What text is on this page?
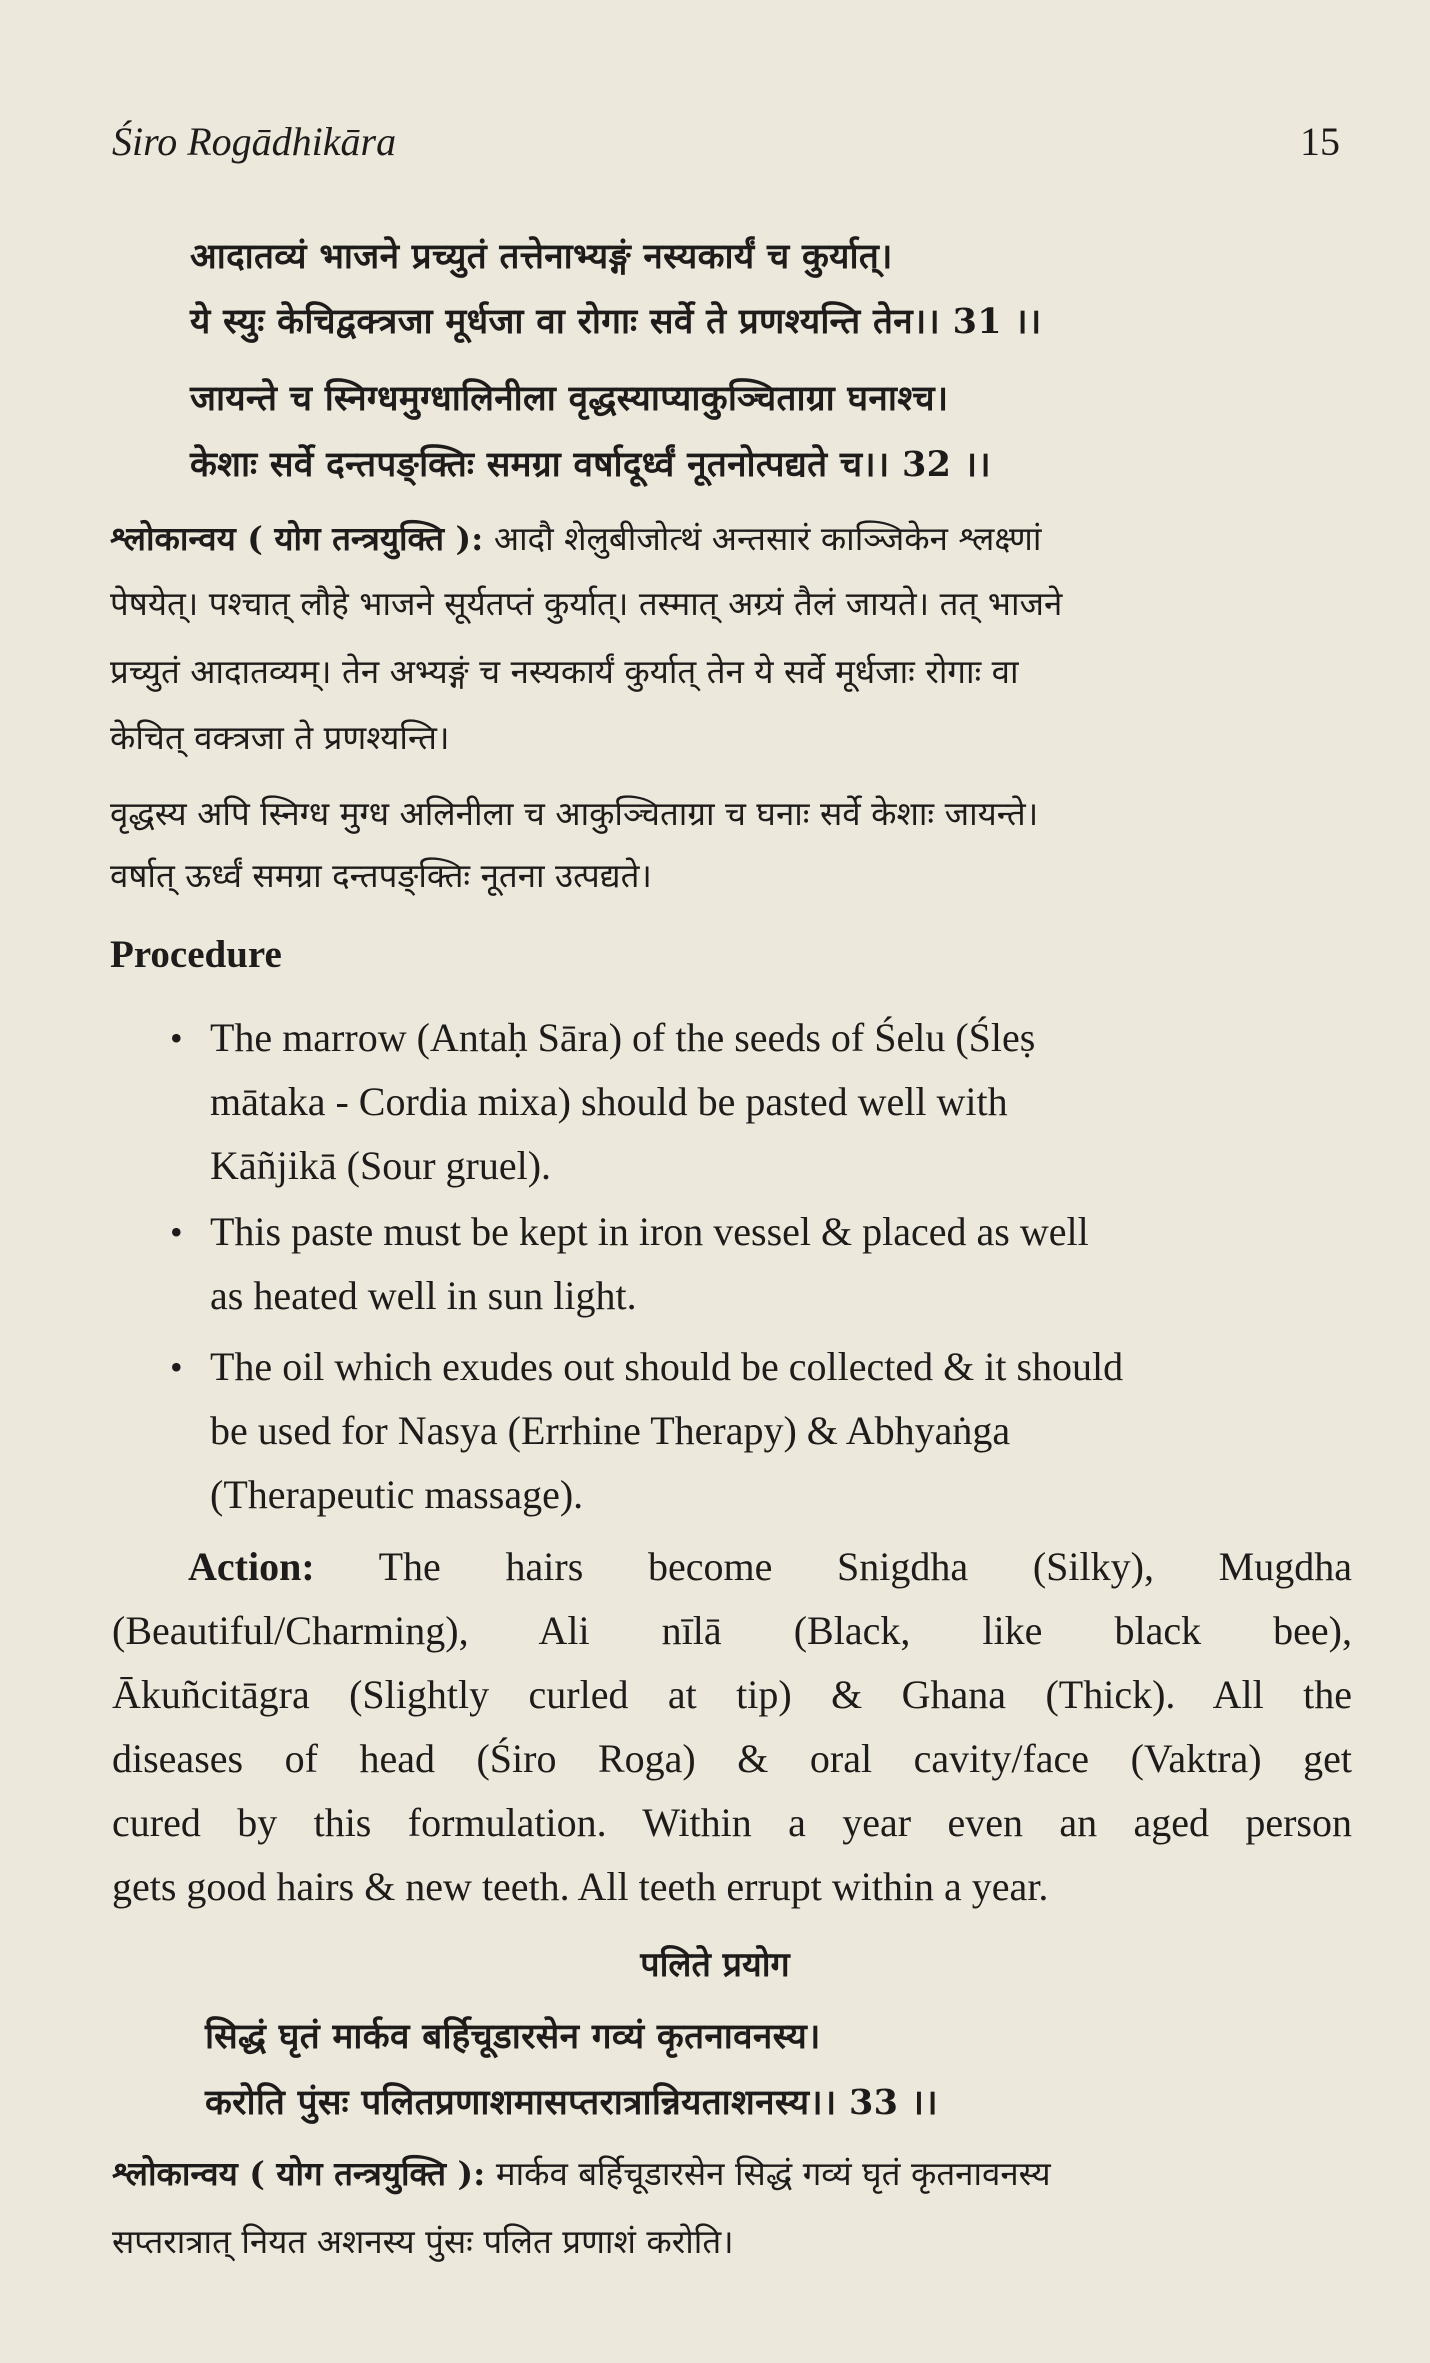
Śiro Rogādhikāra	15
आदातव्यं भाजने प्रच्युतं तत्तेनाभ्यङ्गं नस्यकार्यं च कुर्यात्।
ये स्युः केचिद्वक्त्रजा मूर्धजा वा रोगाः सर्वे ते प्रणश्यन्ति तेन।। 31 ।।
जायन्ते च स्निग्धमुग्धालिनीला वृद्धस्याप्याकुञ्चिताग्रा घनाश्च।
केशाः सर्वे दन्तपङ्क्तिः समग्रा वर्षादूर्ध्वं नूतनोत्पद्यते च।। 32 ।।
श्लोकान्वय ( योग तन्त्रयुक्ति ): आदौ शेलुबीजोत्थं अन्तसारं काञ्जिकेन श्लक्ष्णां
पेषयेत्। पश्चात् लौहे भाजने सूर्यतप्तं कुर्यात्। तस्मात् अग्र्यं तैलं जायते। तत् भाजने
प्रच्युतं आदातव्यम्। तेन अभ्यङ्गं च नस्यकार्यं कुर्यात् तेन ये सर्वे मूर्धजाः रोगाः वा
केचित् वक्त्रजा ते प्रणश्यन्ति।
वृद्धस्य अपि स्निग्ध मुग्ध अलिनीला च आकुञ्चिताग्रा च घनाः सर्वे केशाः जायन्ते।
वर्षात् ऊर्ध्वं समग्रा दन्तपङ्क्तिः नूतना उत्पद्यते।
Procedure
• The marrow (Antaḥ Sāra) of the seeds of Śelu (Śleṣ
mātaka - Cordia mixa) should be pasted well with
Kāñjikā (Sour gruel).
• This paste must be kept in iron vessel & placed as well
as heated well in sun light.
• The oil which exudes out should be collected & it should
be used for Nasya (Errhine Therapy) & Abhyaṅga
(Therapeutic massage).
Action: The hairs become Snigdha (Silky), Mugdha
(Beautiful/Charming), Ali nīlā (Black, like black bee),
Ākuñcitāgra (Slightly curled at tip) & Ghana (Thick). All the
diseases of head (Śiro Roga) & oral cavity/face (Vaktra) get
cured by this formulation. Within a year even an aged person
gets good hairs & new teeth. All teeth errupt within a year.
पलिते प्रयोग
सिद्धं घृतं मार्कव बर्हिचूडारसेन गव्यं कृतनावनस्य।
करोति पुंसः पलितप्रणाशमासप्तरात्रान्नियताशनस्य।। 33 ।।
श्लोकान्वय ( योग तन्त्रयुक्ति ): मार्कव बर्हिचूडारसेन सिद्धं गव्यं घृतं कृतनावनस्य
सप्तरात्रात् नियत अशनस्य पुंसः पलित प्रणाशं करोति।
